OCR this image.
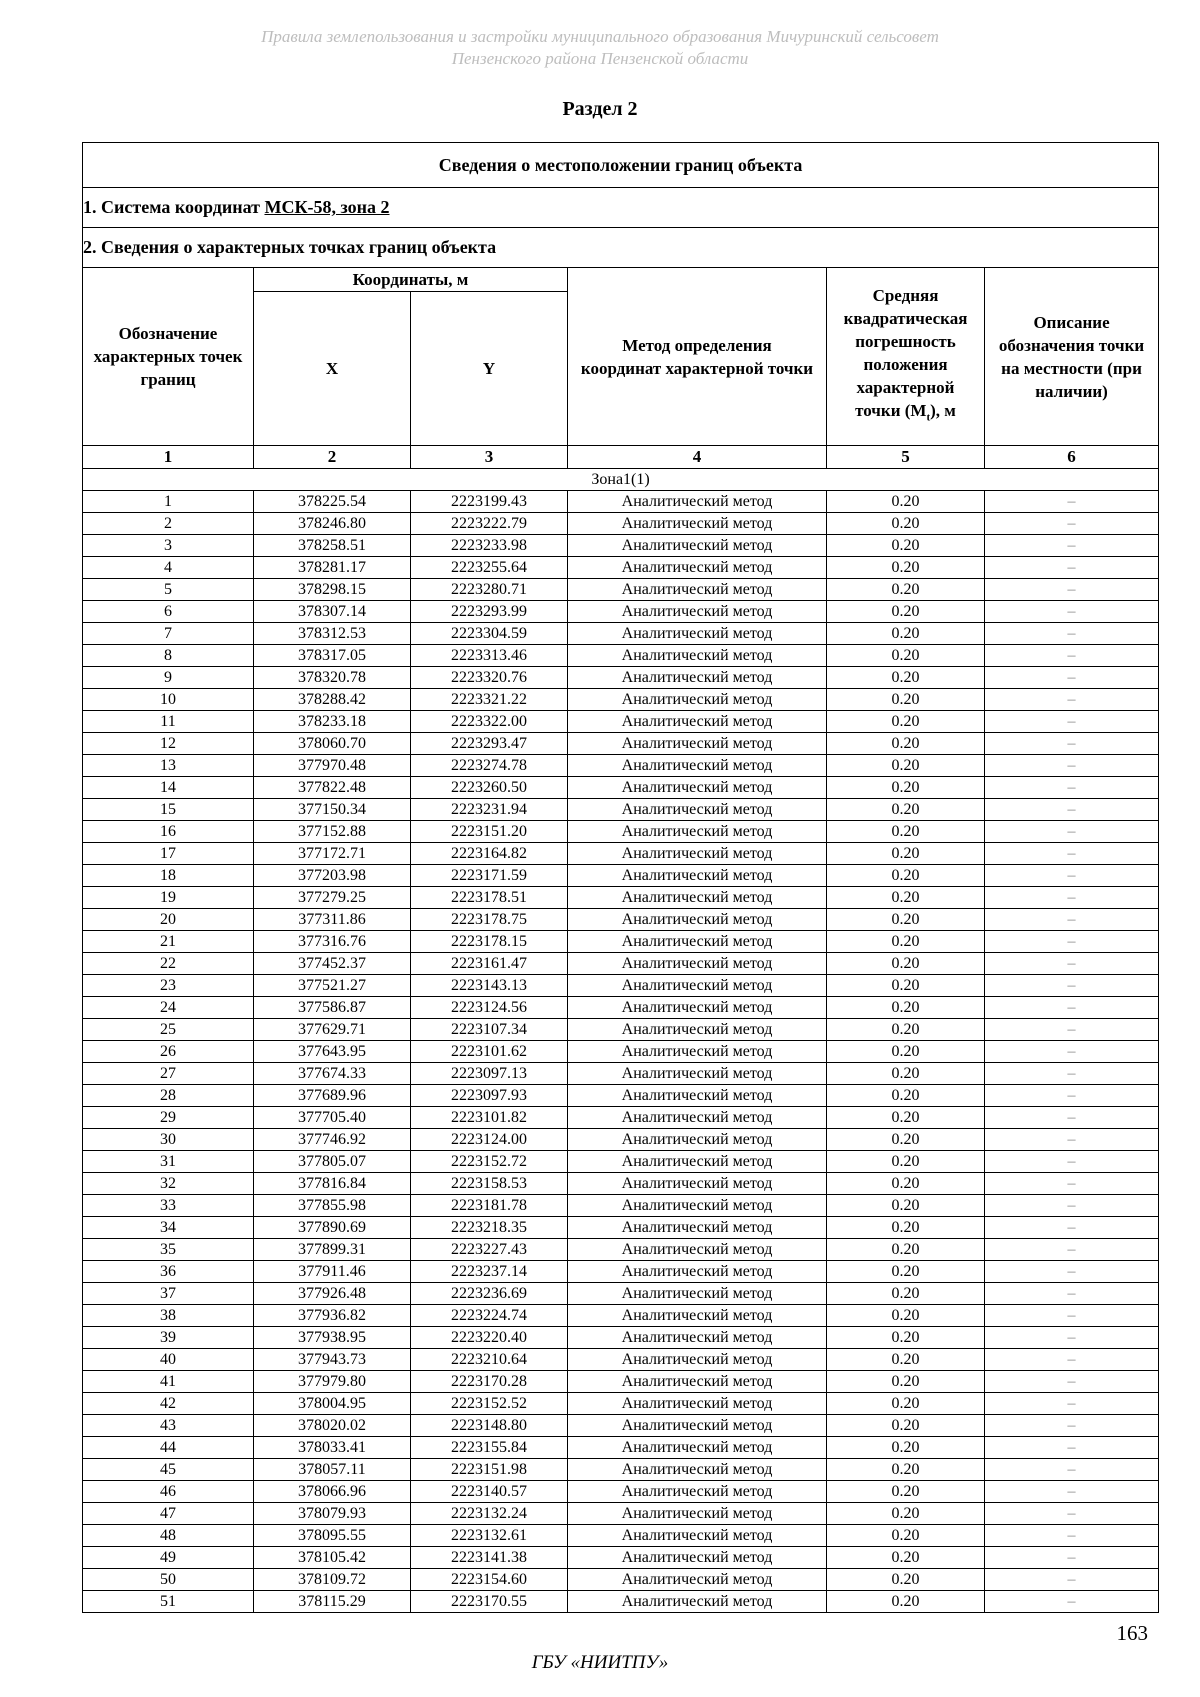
Правила землепользования и застройки муниципального образования Мичуринский сельсовет
Пензенского района Пензенской области
Раздел 2
Сведения о местоположении границ объекта					
1. Система координат МСК-58, зона 2					
2. Сведения о характерных точках границ объекта					
Обозначение характерных точек границ	Координаты, м		Метод определения координат характерной точки	Средняя квадратическая погрешность положения характерной точки $(M_t)$, м	Описание обозначения точки на местности (при наличии)
	X	Y			
1	2	3	4	5	6
Зона1(1)					
1	378225.54	2223199.43	Аналитический метод	0.20	–
2	378246.80	2223222.79	Аналитический метод	0.20	–
3	378258.51	2223233.98	Аналитический метод	0.20	–
4	378281.17	2223255.64	Аналитический метод	0.20	–
5	378298.15	2223280.71	Аналитический метод	0.20	–
6	378307.14	2223293.99	Аналитический метод	0.20	–
7	378312.53	2223304.59	Аналитический метод	0.20	–
8	378317.05	2223313.46	Аналитический метод	0.20	–
9	378320.78	2223320.76	Аналитический метод	0.20	–
10	378288.42	2223321.22	Аналитический метод	0.20	–
11	378233.18	2223322.00	Аналитический метод	0.20	–
12	378060.70	2223293.47	Аналитический метод	0.20	–
13	377970.48	2223274.78	Аналитический метод	0.20	–
14	377822.48	2223260.50	Аналитический метод	0.20	–
15	377150.34	2223231.94	Аналитический метод	0.20	–
16	377152.88	2223151.20	Аналитический метод	0.20	–
17	377172.71	2223164.82	Аналитический метод	0.20	–
18	377203.98	2223171.59	Аналитический метод	0.20	–
19	377279.25	2223178.51	Аналитический метод	0.20	–
20	377311.86	2223178.75	Аналитический метод	0.20	–
21	377316.76	2223178.15	Аналитический метод	0.20	–
22	377452.37	2223161.47	Аналитический метод	0.20	–
23	377521.27	2223143.13	Аналитический метод	0.20	–
24	377586.87	2223124.56	Аналитический метод	0.20	–
25	377629.71	2223107.34	Аналитический метод	0.20	–
26	377643.95	2223101.62	Аналитический метод	0.20	–
27	377674.33	2223097.13	Аналитический метод	0.20	–
28	377689.96	2223097.93	Аналитический метод	0.20	–
29	377705.40	2223101.82	Аналитический метод	0.20	–
30	377746.92	2223124.00	Аналитический метод	0.20	–
31	377805.07	2223152.72	Аналитический метод	0.20	–
32	377816.84	2223158.53	Аналитический метод	0.20	–
33	377855.98	2223181.78	Аналитический метод	0.20	–
34	377890.69	2223218.35	Аналитический метод	0.20	–
35	377899.31	2223227.43	Аналитический метод	0.20	–
36	377911.46	2223237.14	Аналитический метод	0.20	–
37	377926.48	2223236.69	Аналитический метод	0.20	–
38	377936.82	2223224.74	Аналитический метод	0.20	–
39	377938.95	2223220.40	Аналитический метод	0.20	–
40	377943.73	2223210.64	Аналитический метод	0.20	–
41	377979.80	2223170.28	Аналитический метод	0.20	–
42	378004.95	2223152.52	Аналитический метод	0.20	–
43	378020.02	2223148.80	Аналитический метод	0.20	–
44	378033.41	2223155.84	Аналитический метод	0.20	–
45	378057.11	2223151.98	Аналитический метод	0.20	–
46	378066.96	2223140.57	Аналитический метод	0.20	–
47	378079.93	2223132.24	Аналитический метод	0.20	–
48	378095.55	2223132.61	Аналитический метод	0.20	–
49	378105.42	2223141.38	Аналитический метод	0.20	–
50	378109.72	2223154.60	Аналитический метод	0.20	–
51	378115.29	2223170.55	Аналитический метод	0.20	–
163
ГБУ «НИИТПУ»
